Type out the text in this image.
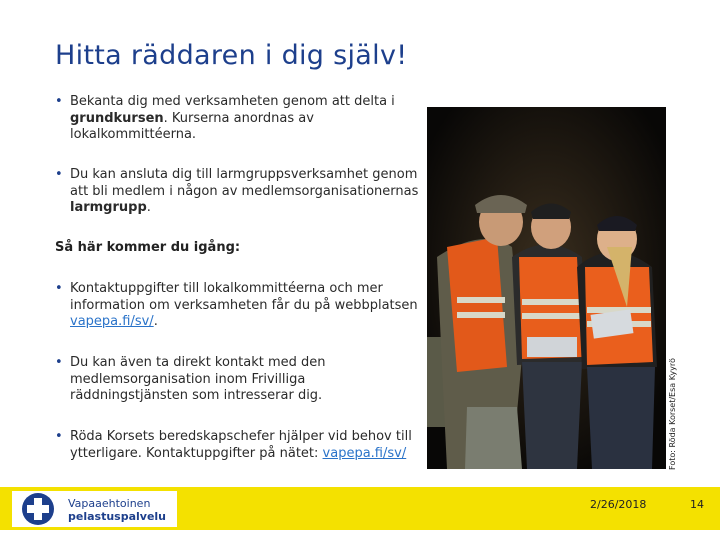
Hitta räddaren i dig själv!
• Bekanta dig med verksamheten genom att delta i grundkursen. Kurserna anordnas av lokalkommittéerna.
• Du kan ansluta dig till larmgruppsverksamhet genom att bli medlem i någon av medlemsorganisationernas larmgrupp.
Så här kommer du igång:
• Kontaktuppgifter till lokalkommittéerna och mer information om verksamheten får du på webbplatsen vapepa.fi/sv/.
• Du kan även ta direkt kontakt med den medlemsorganisation inom Frivilliga räddningstjänsten som intresserar dig.
• Röda Korsets beredskapschefer hjälper vid behov till ytterligare. Kontaktuppgifter på nätet: vapepa.fi/sv/	Foto: Röda Korset/Esa Kyyrö
Vapaaehtoinen
pelastuspalvelu
2/26/2018	14
